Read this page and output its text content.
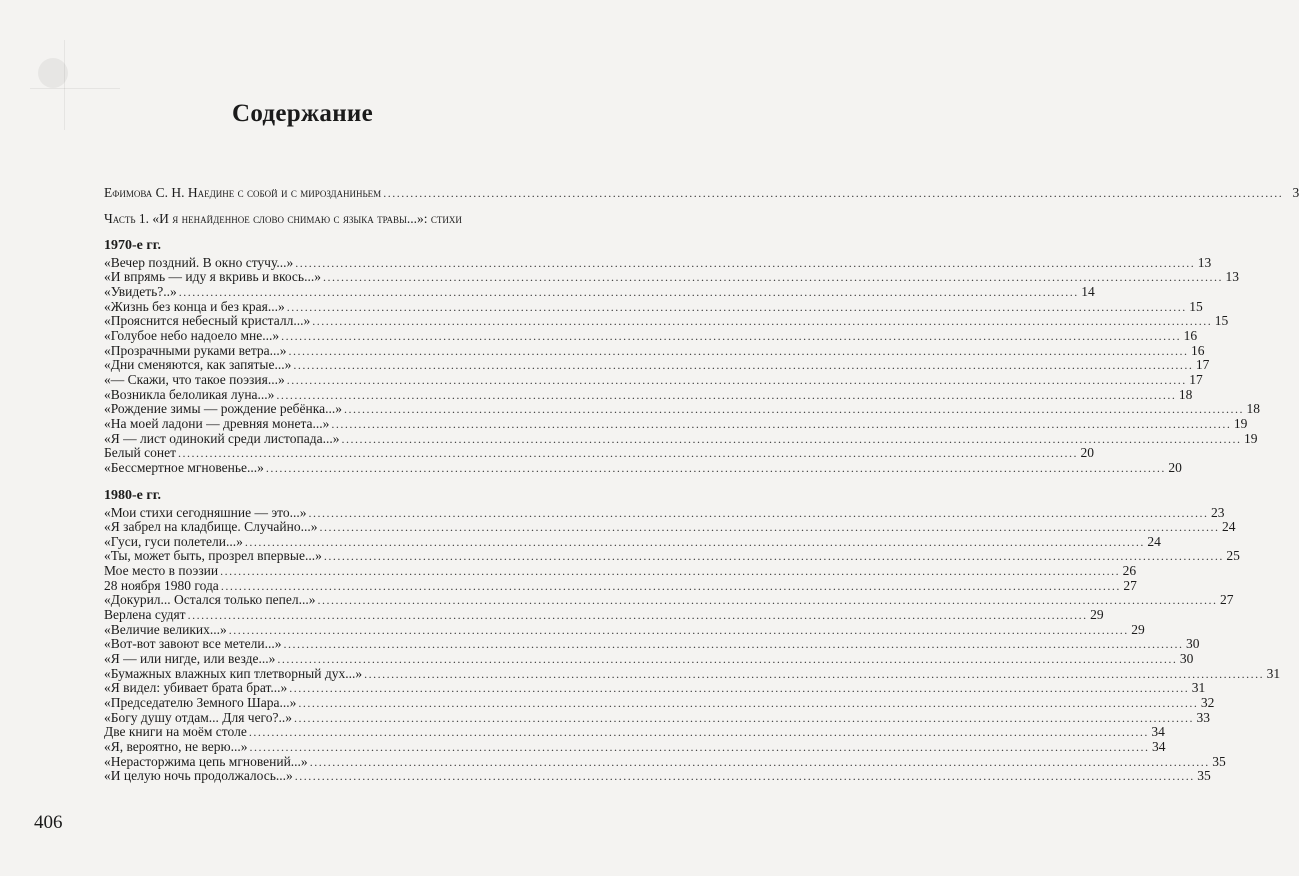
Содержание
Ефимова С. Н. Наедине с собой и с мирозданиньем ........................................................................................................................................................................................................ 3
Часть 1. «И я ненайденное слово снимаю с языка травы...»: стихи
1970-е гг.
«Вечер поздний. В окно стучу...» ........................................................................................................................................................................................................ 13
«И впрямь — иду я вкривь и вкось...» ........................................................................................................................................................................................................ 13
«Увидеть?..» ........................................................................................................................................................................................................ 14
«Жизнь без конца и без края...» ........................................................................................................................................................................................................ 15
«Прояснится небесный кристалл...» ........................................................................................................................................................................................................ 15
«Голубое небо надоело мне...» ........................................................................................................................................................................................................ 16
«Прозрачными руками ветра...» ........................................................................................................................................................................................................ 16
«Дни сменяются, как запятые...» ........................................................................................................................................................................................................ 17
«— Скажи, что такое поэзия...» ........................................................................................................................................................................................................ 17
«Возникла белоликая луна...» ........................................................................................................................................................................................................ 18
«Рождение зимы — рождение ребёнка...» ........................................................................................................................................................................................................ 18
«На моей ладони — древняя монета...» ........................................................................................................................................................................................................ 19
«Я — лист одинокий среди листопада...» ........................................................................................................................................................................................................ 19
Белый сонет ........................................................................................................................................................................................................ 20
«Бессмертное мгновенье...» ........................................................................................................................................................................................................ 20
1980-е гг.
«Мои стихи сегодняшние — это...» ........................................................................................................................................................................................................ 23
«Я забрел на кладбище. Случайно...» ........................................................................................................................................................................................................ 24
«Гуси, гуси полетели...» ........................................................................................................................................................................................................ 24
«Ты, может быть, прозрел впервые...» ........................................................................................................................................................................................................ 25
Мое место в поэзии ........................................................................................................................................................................................................ 26
28 ноября 1980 года ........................................................................................................................................................................................................ 27
«Докурил... Остался только пепел...» ........................................................................................................................................................................................................ 27
Верлена судят ........................................................................................................................................................................................................ 29
«Величие великих...» ........................................................................................................................................................................................................ 29
«Вот-вот завоют все метели...» ........................................................................................................................................................................................................ 30
«Я — или нигде, или везде...» ........................................................................................................................................................................................................ 30
«Бумажных влажных кип тлетворный дух...» ........................................................................................................................................................................................................ 31
«Я видел: убивает брата брат...» ........................................................................................................................................................................................................ 31
«Председателю Земного Шара...» ........................................................................................................................................................................................................ 32
«Богу душу отдам... Для чего?..» ........................................................................................................................................................................................................ 33
Две книги на моём столе ........................................................................................................................................................................................................ 34
«Я, вероятно, не верю...» ........................................................................................................................................................................................................ 34
«Нерасторжима цепь мгновений...» ........................................................................................................................................................................................................ 35
«И целую ночь продолжалось...» ........................................................................................................................................................................................................ 35
406
